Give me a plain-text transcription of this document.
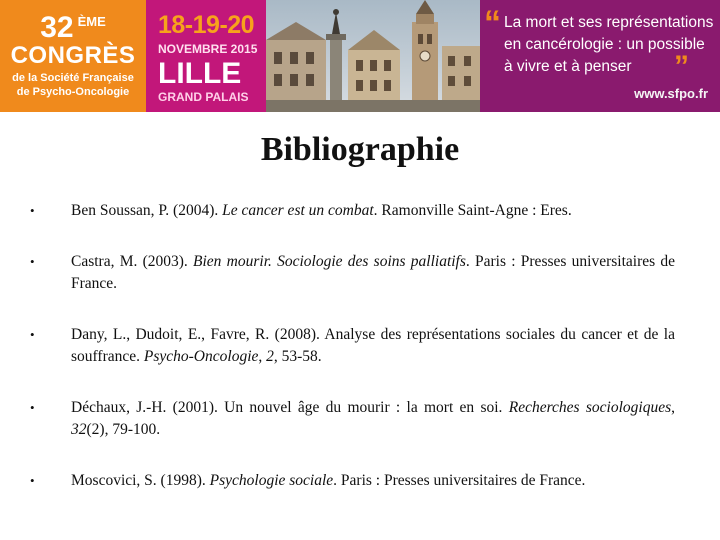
32 $^{ÈME}$
CONGRÈS
de la Société Française
de Psycho-Oncologie
18-19-20
NOVEMBRE 2015
LILLE
GRAND PALAIS
“ La mort et ses représentations en cancérologie : un possible à vivre et à penser	”
www.sfpo.fr
Bibliographie
•	Ben Soussan, P. (2004). Le cancer est un combat. Ramonville Saint-Agne : Eres.
•	Castra, M. (2003). Bien mourir. Sociologie des soins palliatifs. Paris : Presses universitaires de France.
•	Dany, L., Dudoit, E., Favre, R. (2008). Analyse des représentations sociales du cancer et de la souffrance. Psycho-Oncologie, 2, 53-58.
•	Déchaux, J.-H. (2001). Un nouvel âge du mourir : la mort en soi. Recherches sociologiques, 32(2), 79-100.
•	Moscovici, S. (1998). Psychologie sociale. Paris : Presses universitaires de France.
